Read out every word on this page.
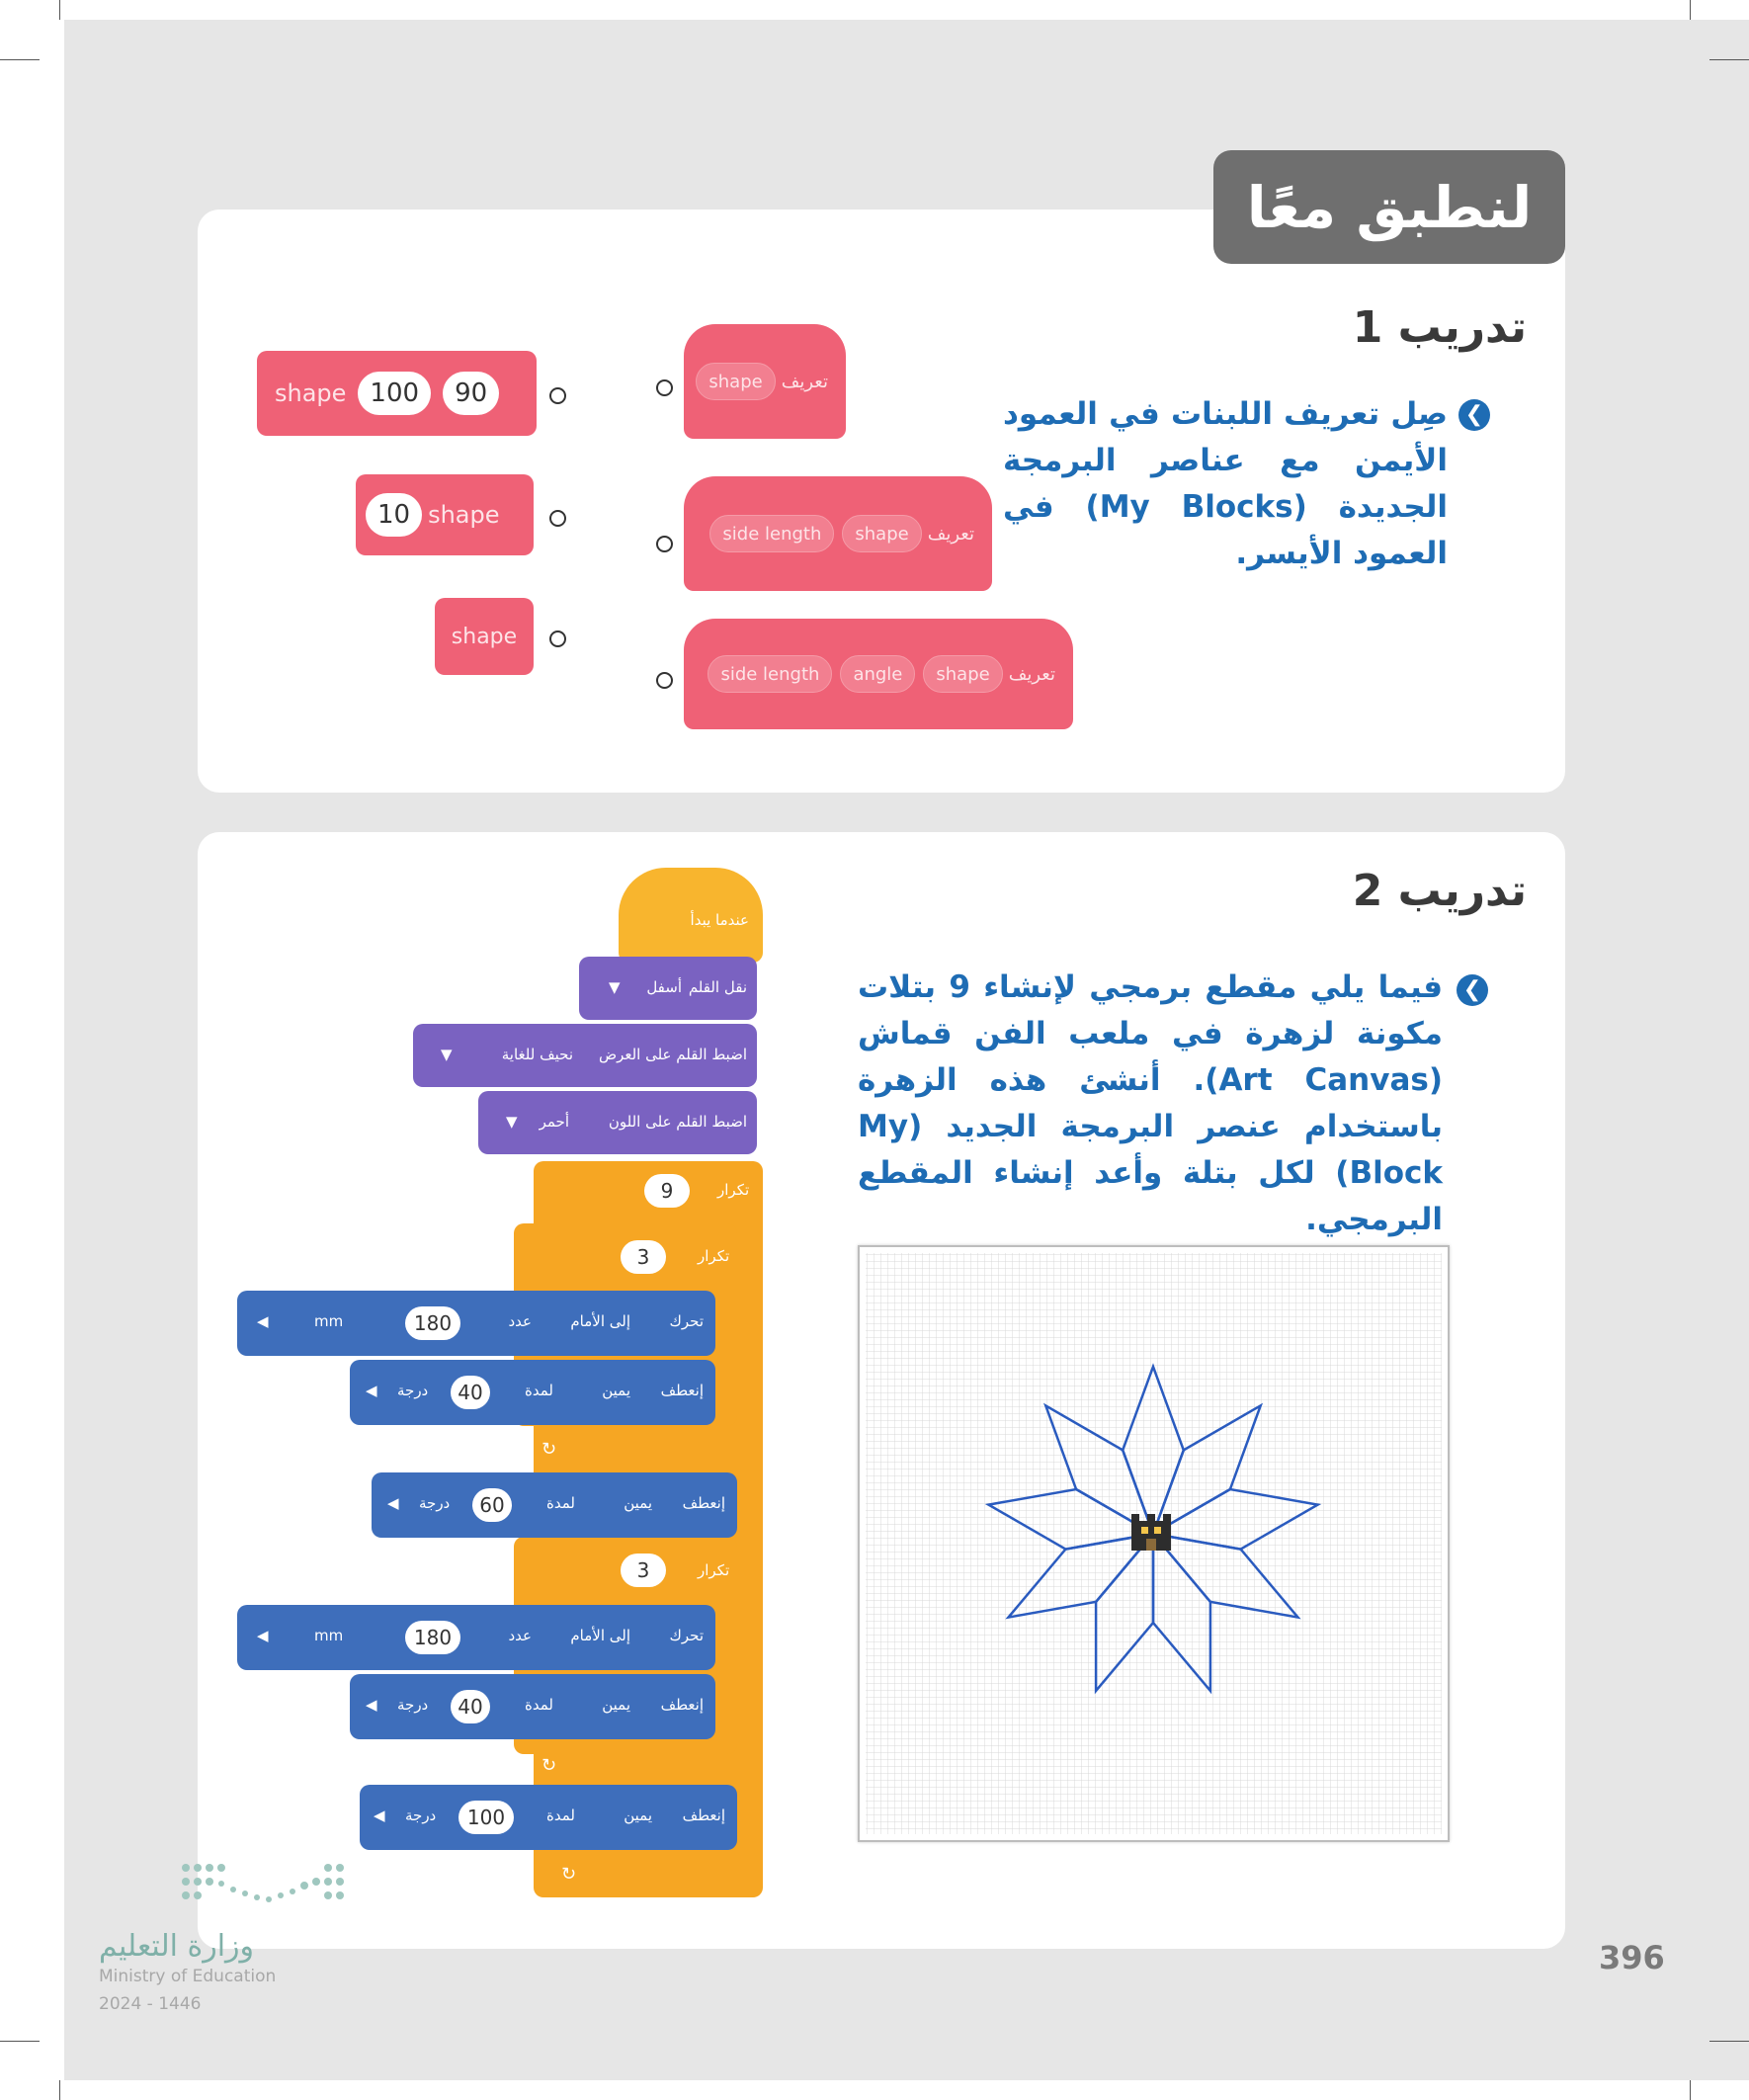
لنطبق معًا
تدريب 1
❮
صِل تعريف اللبنات في العمود الأيمن مع عناصر البرمجة الجديدة (My Blocks) في العمود الأيسر.
تعريف
shape
تعريف
shape
side length
تعريف
shape
angle
side length
shape 100	90
10 shape
shape
تدريب 2
❮
فيما يلي مقطع برمجي لإنشاء 9 بتلات مكونة لزهرة في ملعب الفن قماش (Art Canvas). أنشئ هذه الزهرة باستخدام عنصر البرمجة الجديد (My Block) لكل بتلة وأعد إنشاء المقطع البرمجي.
عندما يبدأ
نقل القلم
أسفل
▼
اضبط القلم على العرض
نحيف للغاية
▼
اضبط القلم على اللون
أحمر
▼
تكرار
9
تكرار
3
تكرار
3
تحرك
إلى الأمام
عدد
180
mm
◀
إنعطف
يمين
لمدة
40
درجة
◀
↻
إنعطف
يمين
لمدة
60
درجة
◀
تحرك
إلى الأمام
عدد
180
mm
◀
إنعطف
يمين
لمدة
40
درجة
◀
↻
إنعطف
يمين
لمدة
100
درجة
◀
↻
396
وزارة التعليم
Ministry of Education
2024 - 1446
